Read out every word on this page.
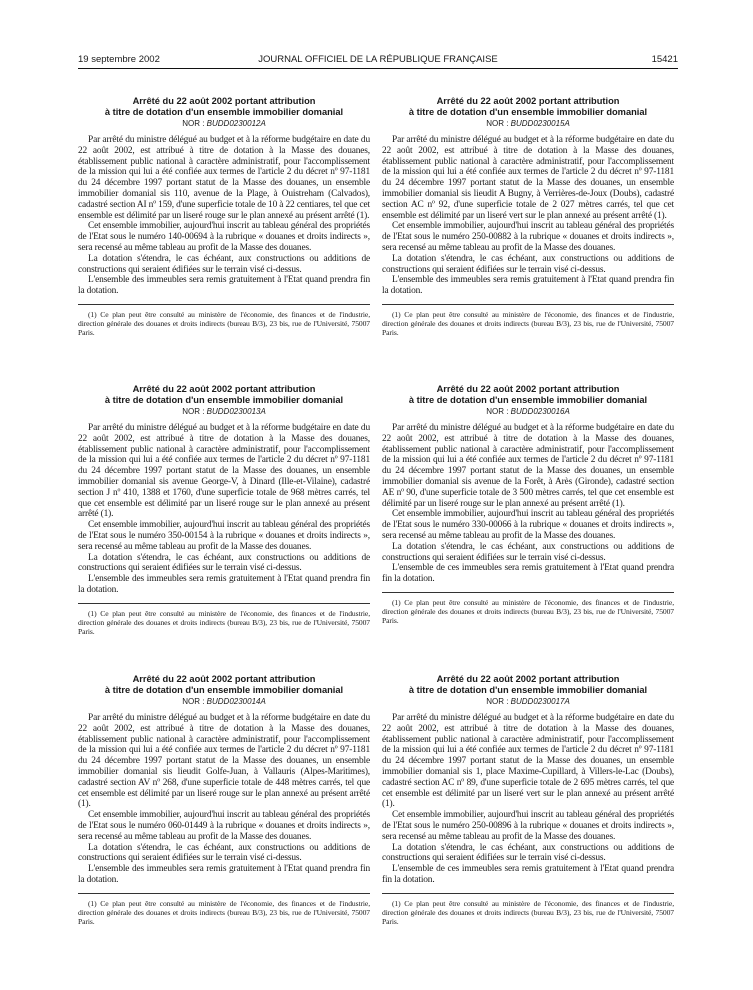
19 septembre 2002	JOURNAL OFFICIEL DE LA RÉPUBLIQUE FRANÇAISE	15421

Arrêté du 22 août 2002 portant attribution

à titre de dotation d'un ensemble immobilier domanial

NOR : BUDD0230012A

Par arrêté du ministre délégué au budget et à la réforme budgétaire en date du 22 août 2002, est attribué à titre de dotation à la Masse des douanes, établissement public national à caractère administratif, pour l'accomplissement de la mission qui lui a été confiée aux termes de l'article 2 du décret nº 97-1181 du 24 décembre 1997 portant statut de la Masse des douanes, un ensemble immobilier domanial sis 110, avenue de la Plage, à Ouistreham (Calvados), cadastré section AI nº 159, d'une superficie totale de 10 à 22 centiares, tel que cet ensemble est délimité par un liseré rouge sur le plan annexé au présent arrêté (1).

Cet ensemble immobilier, aujourd'hui inscrit au tableau général des propriétés de l'Etat sous le numéro 140-00694 à la rubrique « douanes et droits indirects », sera recensé au même tableau au profit de la Masse des douanes.

La dotation s'étendra, le cas échéant, aux constructions ou additions de constructions qui seraient édifiées sur le terrain visé ci-dessus.

L'ensemble des immeubles sera remis gratuitement à l'Etat quand prendra fin la dotation.

(1) Ce plan peut être consulté au ministère de l'économie, des finances et de l'industrie, direction générale des douanes et droits indirects (bureau B/3), 23 bis, rue de l'Université, 75007 Paris.

Arrêté du 22 août 2002 portant attribution

à titre de dotation d'un ensemble immobilier domanial

NOR : BUDD0230013A

Par arrêté du ministre délégué au budget et à la réforme budgétaire en date du 22 août 2002, est attribué à titre de dotation à la Masse des douanes, établissement public national à caractère administratif, pour l'accomplissement de la mission qui lui a été confiée aux termes de l'article 2 du décret nº 97-1181 du 24 décembre 1997 portant statut de la Masse des douanes, un ensemble immobilier domanial sis avenue George-V, à Dinard (Ille-et-Vilaine), cadastré section J nº 410, 1388 et 1760, d'une superficie totale de 968 mètres carrés, tel que cet ensemble est délimité par un liseré rouge sur le plan annexé au présent arrêté (1).

Cet ensemble immobilier, aujourd'hui inscrit au tableau général des propriétés de l'Etat sous le numéro 350-00154 à la rubrique « douanes et droits indirects », sera recensé au même tableau au profit de la Masse des douanes.

La dotation s'étendra, le cas échéant, aux constructions ou additions de constructions qui seraient édifiées sur le terrain visé ci-dessus.

L'ensemble des immeubles sera remis gratuitement à l'Etat quand prendra fin la dotation.

(1) Ce plan peut être consulté au ministère de l'économie, des finances et de l'industrie, direction générale des douanes et droits indirects (bureau B/3), 23 bis, rue de l'Université, 75007 Paris.

Arrêté du 22 août 2002 portant attribution

à titre de dotation d'un ensemble immobilier domanial

NOR : BUDD0230014A

Par arrêté du ministre délégué au budget et à la réforme budgétaire en date du 22 août 2002, est attribué à titre de dotation à la Masse des douanes, établissement public national à caractère administratif, pour l'accomplissement de la mission qui lui a été confiée aux termes de l'article 2 du décret nº 97-1181 du 24 décembre 1997 portant statut de la Masse des douanes, un ensemble immobilier domanial sis lieudit Golfe-Juan, à Vallauris (Alpes-Maritimes), cadastré section AV nº 268, d'une superficie totale de 448 mètres carrés, tel que cet ensemble est délimité par un liseré rouge sur le plan annexé au présent arrêté (1).

Cet ensemble immobilier, aujourd'hui inscrit au tableau général des propriétés de l'Etat sous le numéro 060-01449 à la rubrique « douanes et droits indirects », sera recensé au même tableau au profit de la Masse des douanes.

La dotation s'étendra, le cas échéant, aux constructions ou additions de constructions qui seraient édifiées sur le terrain visé ci-dessus.

L'ensemble des immeubles sera remis gratuitement à l'Etat quand prendra fin la dotation.

(1) Ce plan peut être consulté au ministère de l'économie, des finances et de l'industrie, direction générale des douanes et droits indirects (bureau B/3), 23 bis, rue de l'Université, 75007 Paris.

Arrêté du 22 août 2002 portant attribution

à titre de dotation d'un ensemble immobilier domanial

NOR : BUDD0230015A

Par arrêté du ministre délégué au budget et à la réforme budgétaire en date du 22 août 2002, est attribué à titre de dotation à la Masse des douanes, établissement public national à caractère administratif, pour l'accomplissement de la mission qui lui a été confiée aux termes de l'article 2 du décret nº 97-1181 du 24 décembre 1997 portant statut de la Masse des douanes, un ensemble immobilier domanial sis lieudit A Bugny, à Verrières-de-Joux (Doubs), cadastré section AC nº 92, d'une superficie totale de 2 027 mètres carrés, tel que cet ensemble est délimité par un liseré vert sur le plan annexé au présent arrêté (1).

Cet ensemble immobilier, aujourd'hui inscrit au tableau général des propriétés de l'Etat sous le numéro 250-00882 à la rubrique « douanes et droits indirects », sera recensé au même tableau au profit de la Masse des douanes.

La dotation s'étendra, le cas échéant, aux constructions ou additions de constructions qui seraient édifiées sur le terrain visé ci-dessus.

L'ensemble des immeubles sera remis gratuitement à l'Etat quand prendra fin la dotation.

(1) Ce plan peut être consulté au ministère de l'économie, des finances et de l'industrie, direction générale des douanes et droits indirects (bureau B/3), 23 bis, rue de l'Université, 75007 Paris.

Arrêté du 22 août 2002 portant attribution

à titre de dotation d'un ensemble immobilier domanial

NOR : BUDD0230016A

Par arrêté du ministre délégué au budget et à la réforme budgétaire en date du 22 août 2002, est attribué à titre de dotation à la Masse des douanes, établissement public national à caractère administratif, pour l'accomplissement de la mission qui lui a été confiée aux termes de l'article 2 du décret nº 97-1181 du 24 décembre 1997 portant statut de la Masse des douanes, un ensemble immobilier domanial sis avenue de la Forêt, à Arès (Gironde), cadastré section AE nº 90, d'une superficie totale de 3 500 mètres carrés, tel que cet ensemble est délimité par un liseré rouge sur le plan annexé au présent arrêté (1).

Cet ensemble immobilier, aujourd'hui inscrit au tableau général des propriétés de l'Etat sous le numéro 330-00066 à la rubrique « douanes et droits indirects », sera recensé au même tableau au profit de la Masse des douanes.

La dotation s'étendra, le cas échéant, aux constructions ou additions de constructions qui seraient édifiées sur le terrain visé ci-dessus.

L'ensemble de ces immeubles sera remis gratuitement à l'Etat quand prendra fin la dotation.

(1) Ce plan peut être consulté au ministère de l'économie, des finances et de l'industrie, direction générale des douanes et droits indirects (bureau B/3), 23 bis, rue de l'Université, 75007 Paris.

Arrêté du 22 août 2002 portant attribution

à titre de dotation d'un ensemble immobilier domanial

NOR : BUDD0230017A

Par arrêté du ministre délégué au budget et à la réforme budgétaire en date du 22 août 2002, est attribué à titre de dotation à la Masse des douanes, établissement public national à caractère administratif, pour l'accomplissement de la mission qui lui a été confiée aux termes de l'article 2 du décret nº 97-1181 du 24 décembre 1997 portant statut de la Masse des douanes, un ensemble immobilier domanial sis 1, place Maxime-Cupillard, à Villers-le-Lac (Doubs), cadastré section AC nº 89, d'une superficie totale de 2 695 mètres carrés, tel que cet ensemble est délimité par un liseré vert sur le plan annexé au présent arrêté (1).

Cet ensemble immobilier, aujourd'hui inscrit au tableau général des propriétés de l'Etat sous le numéro 250-00896 à la rubrique « douanes et droits indirects », sera recensé au même tableau au profit de la Masse des douanes.

La dotation s'étendra, le cas échéant, aux constructions ou additions de constructions qui seraient édifiées sur le terrain visé ci-dessus.

L'ensemble de ces immeubles sera remis gratuitement à l'Etat quand prendra fin la dotation.

(1) Ce plan peut être consulté au ministère de l'économie, des finances et de l'industrie, direction générale des douanes et droits indirects (bureau B/3), 23 bis, rue de l'Université, 75007 Paris.
